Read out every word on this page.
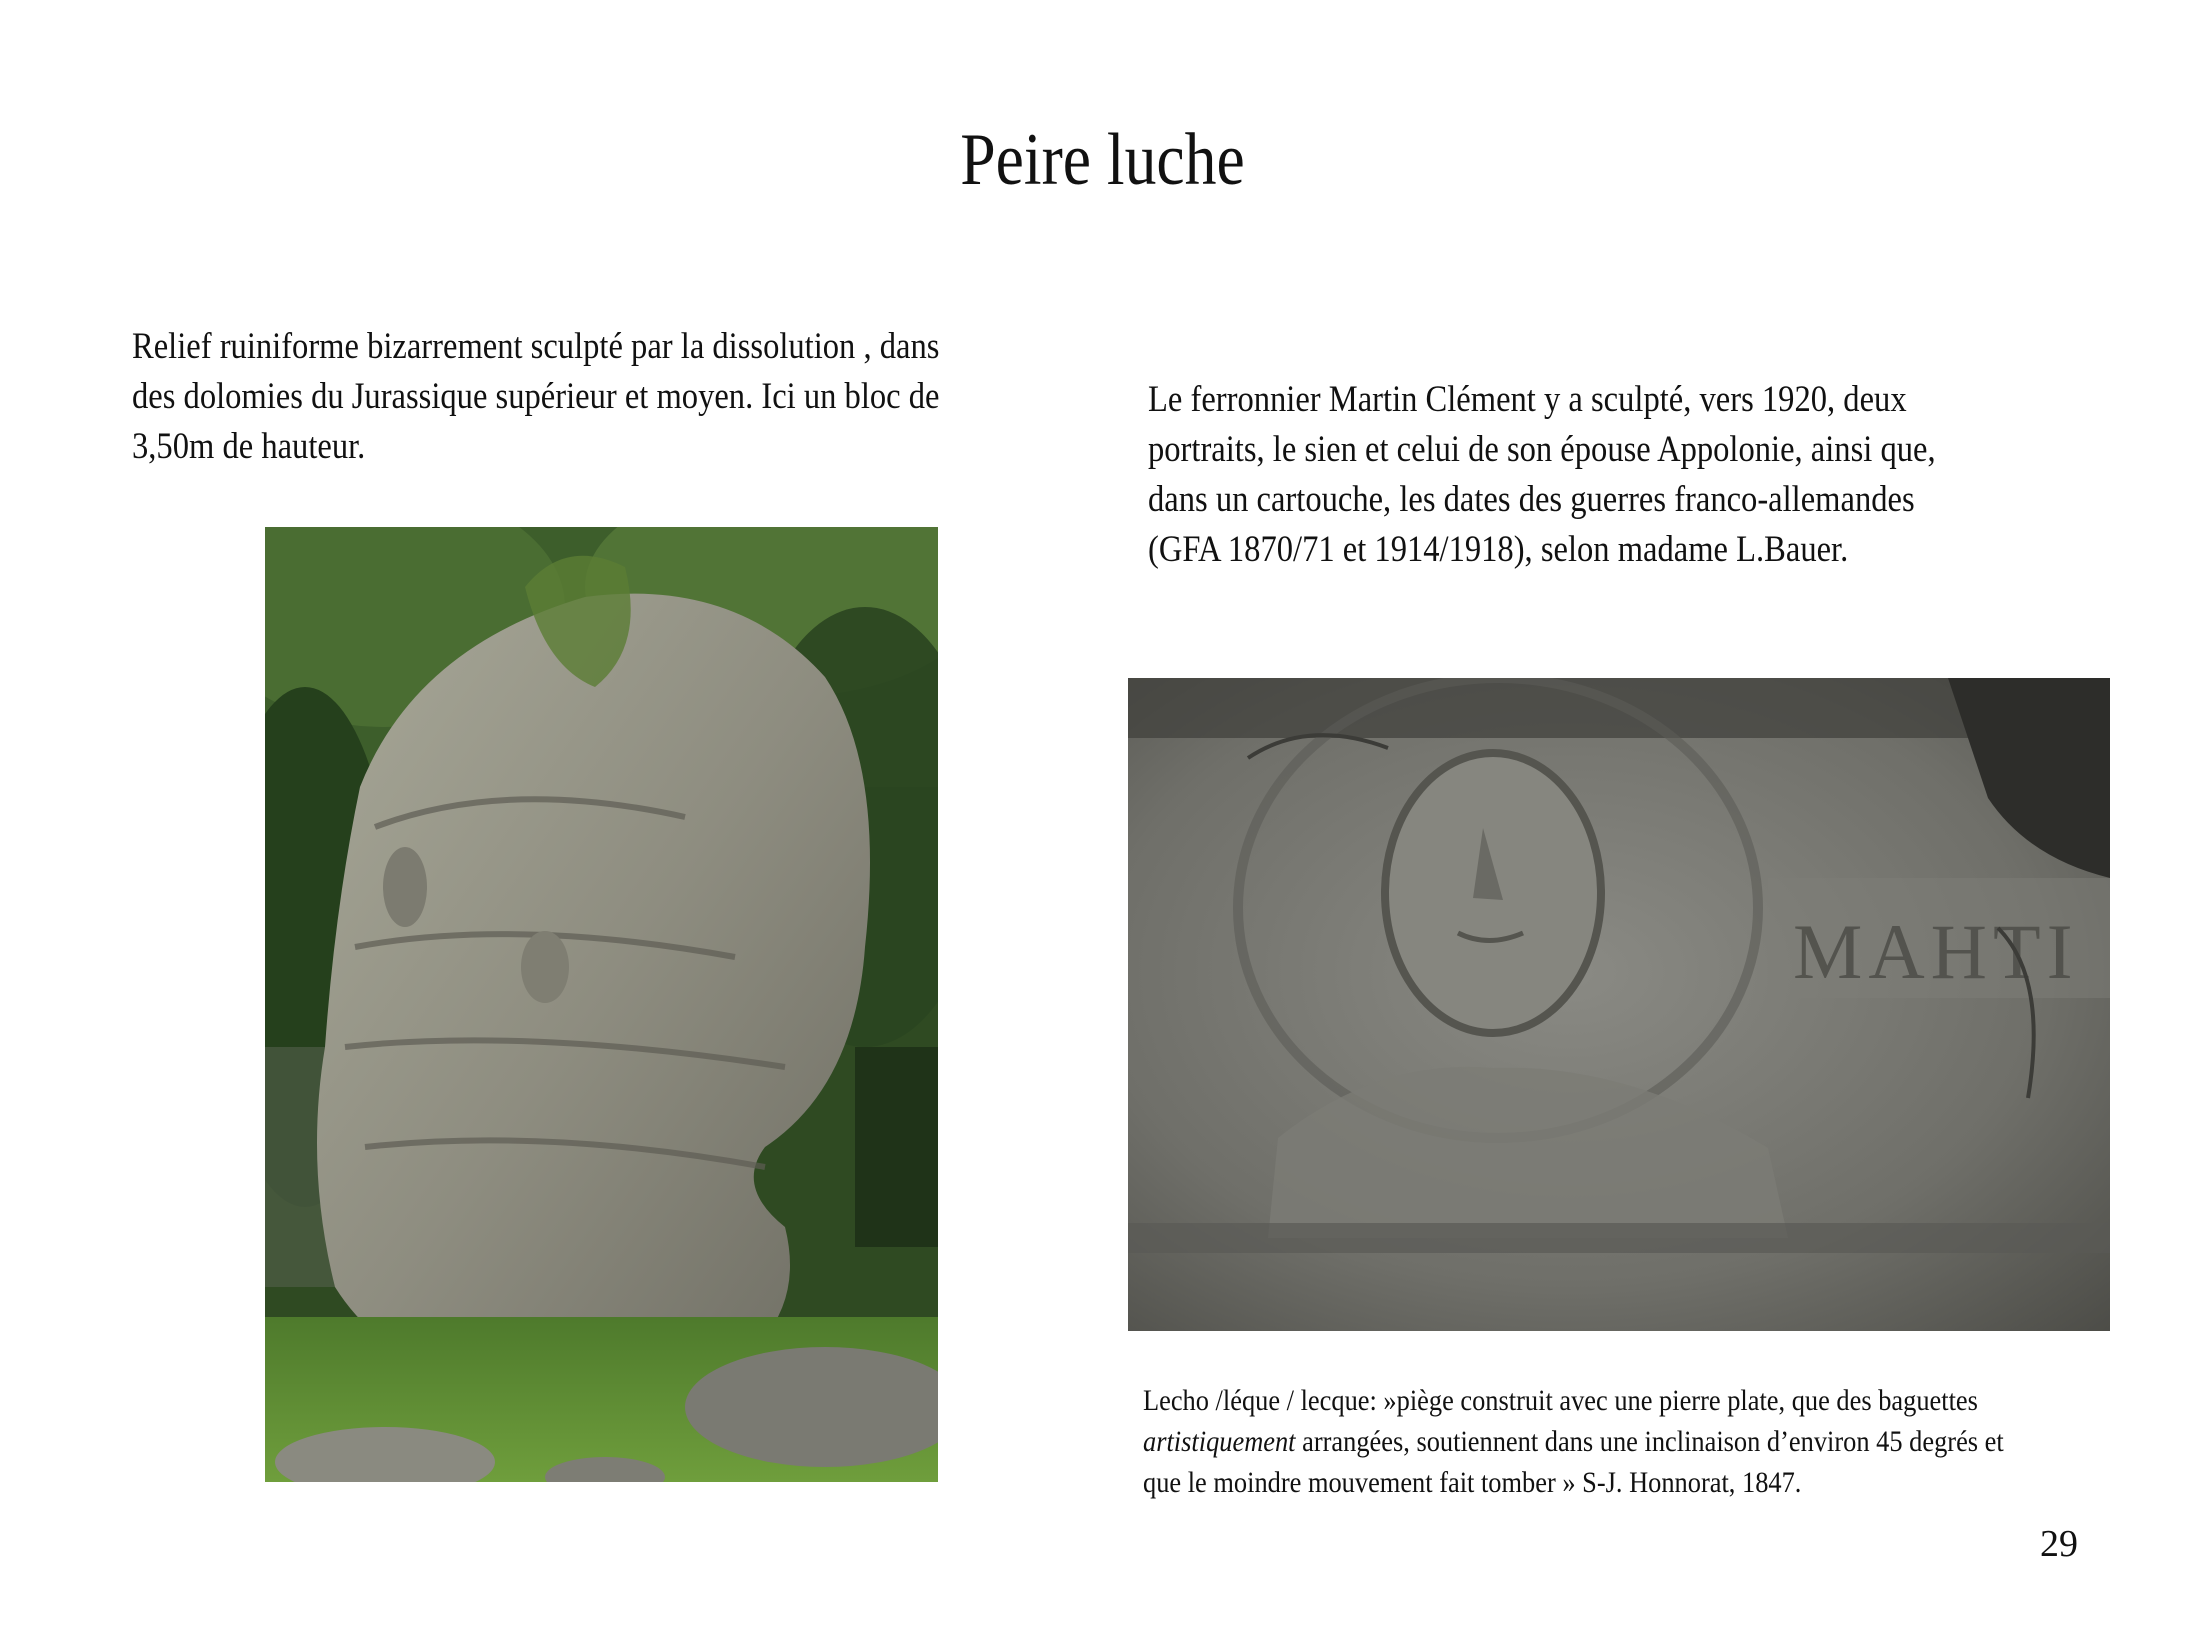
Peire luche
Relief ruiniforme bizarrement sculpté par la dissolution , dans
des dolomies du Jurassique supérieur et moyen. Ici un bloc de
3,50m de hauteur.
Le ferronnier Martin Clément y a sculpté, vers 1920, deux
portraits, le sien et celui de son épouse Appolonie, ainsi que,
dans un cartouche, les dates des guerres franco-allemandes
(GFA 1870/71 et 1914/1918), selon madame L.Bauer.
MAHTI
Lecho /léque / lecque: »piège construit avec une pierre plate, que des baguettes
artistiquement arrangées, soutiennent dans une inclinaison d’environ 45 degrés et
que le moindre mouvement fait tomber » S-J. Honnorat, 1847.
29
